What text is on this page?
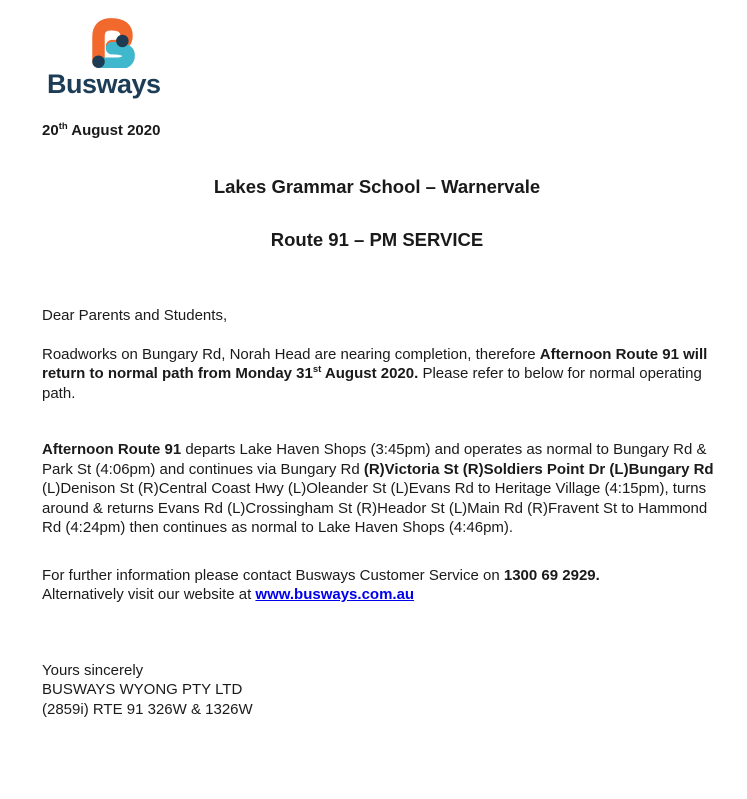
Busways
20th August 2020
Lakes Grammar School – Warnervale
Route 91 – PM SERVICE
Dear Parents and Students,
Roadworks on Bungary Rd, Norah Head are nearing completion, therefore Afternoon Route 91 will return to normal path from Monday 31st August 2020. Please refer to below for normal operating path.
Afternoon Route 91 departs Lake Haven Shops (3:45pm) and operates as normal to Bungary Rd & Park St (4:06pm) and continues via Bungary Rd (R)Victoria St (R)Soldiers Point Dr (L)Bungary Rd (L)Denison St (R)Central Coast Hwy (L)Oleander St (L)Evans Rd to Heritage Village (4:15pm), turns around & returns Evans Rd (L)Crossingham St (R)Heador St (L)Main Rd (R)Fravent St to Hammond Rd (4:24pm) then continues as normal to Lake Haven Shops (4:46pm).
For further information please contact Busways Customer Service on 1300 69 2929.
Alternatively visit our website at www.busways.com.au
Yours sincerely
BUSWAYS WYONG PTY LTD
(2859i) RTE 91 326W & 1326W
